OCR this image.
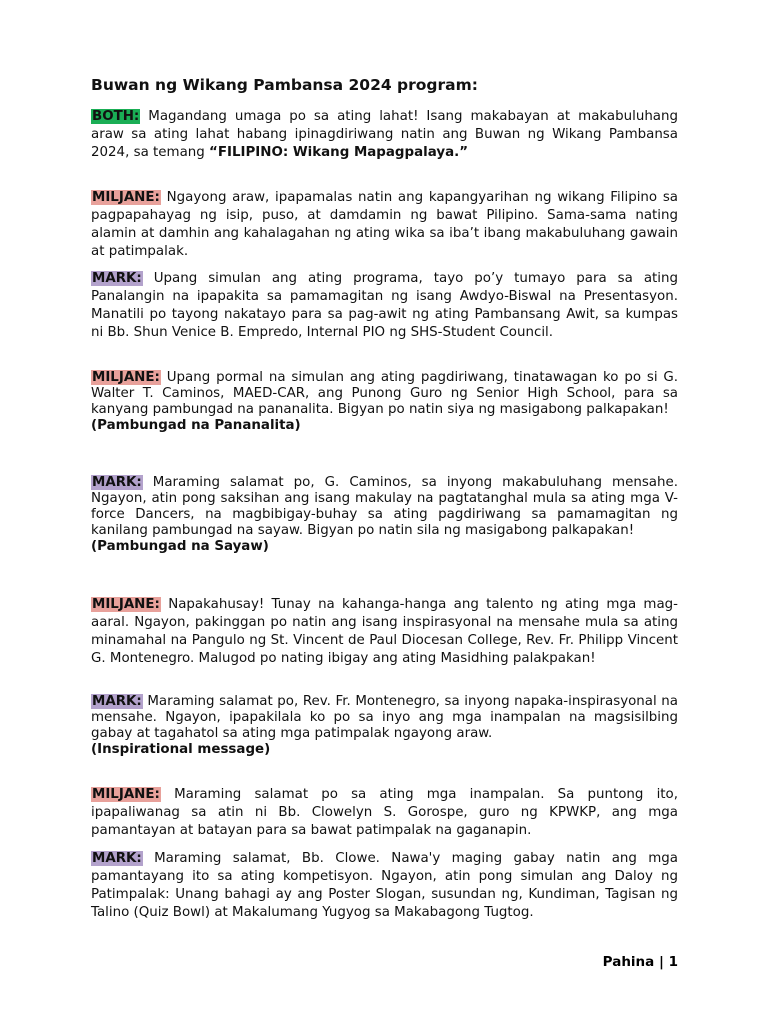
Buwan ng Wikang Pambansa 2024 program:

BOTH: Magandang umaga po sa ating lahat! Isang makabayan at makabuluhang araw sa ating lahat habang ipinagdiriwang natin ang Buwan ng Wikang Pambansa 2024, sa temang “FILIPINO: Wikang Mapagpalaya.”

MILJANE: Ngayong araw, ipapamalas natin ang kapangyarihan ng wikang Filipino sa pagpapahayag ng isip, puso, at damdamin ng bawat Pilipino. Sama-sama nating alamin at damhin ang kahalagahan ng ating wika sa iba’t ibang makabuluhang gawain at patimpalak.

MARK: Upang simulan ang ating programa, tayo po’y tumayo para sa ating Panalangin na ipapakita sa pamamagitan ng isang Awdyo-Biswal na Presentasyon. Manatili po tayong nakatayo para sa pag-awit ng ating Pambansang Awit, sa kumpas ni Bb. Shun Venice B. Empredo, Internal PIO ng SHS-Student Council.

MILJANE: Upang pormal na simulan ang ating pagdiriwang, tinatawagan ko po si G. Walter T. Caminos, MAED-CAR, ang Punong Guro ng Senior High School, para sa kanyang pambungad na pananalita. Bigyan po natin siya ng masigabong palkapakan!
(Pambungad na Pananalita)

MARK: Maraming salamat po, G. Caminos, sa inyong makabuluhang mensahe. Ngayon, atin pong saksihan ang isang makulay na pagtatanghal mula sa ating mga V-force Dancers, na magbibigay-buhay sa ating pagdiriwang sa pamamagitan ng kanilang pambungad na sayaw. Bigyan po natin sila ng masigabong palkapakan!
(Pambungad na Sayaw)

MILJANE: Napakahusay! Tunay na kahanga-hanga ang talento ng ating mga mag-aaral. Ngayon, pakinggan po natin ang isang inspirasyonal na mensahe mula sa ating minamahal na Pangulo ng St. Vincent de Paul Diocesan College, Rev. Fr. Philipp Vincent G. Montenegro. Malugod po nating ibigay ang ating Masidhing palakpakan!

MARK: Maraming salamat po, Rev. Fr. Montenegro, sa inyong napaka-inspirasyonal na mensahe. Ngayon, ipapakilala ko po sa inyo ang mga inampalan na magsisilbing gabay at tagahatol sa ating mga patimpalak ngayong araw.
(Inspirational message)

MILJANE: Maraming salamat po sa ating mga inampalan. Sa puntong ito, ipapaliwanag sa atin ni Bb. Clowelyn S. Gorospe, guro ng KPWKP, ang mga pamantayan at batayan para sa bawat patimpalak na gaganapin.

MARK: Maraming salamat, Bb. Clowe. Nawa'y maging gabay natin ang mga pamantayang ito sa ating kompetisyon. Ngayon, atin pong simulan ang Daloy ng Patimpalak: Unang bahagi ay ang Poster Slogan, susundan ng, Kundiman, Tagisan ng Talino (Quiz Bowl) at Makalumang Yugyog sa Makabagong Tugtog.

Pahina | 1
